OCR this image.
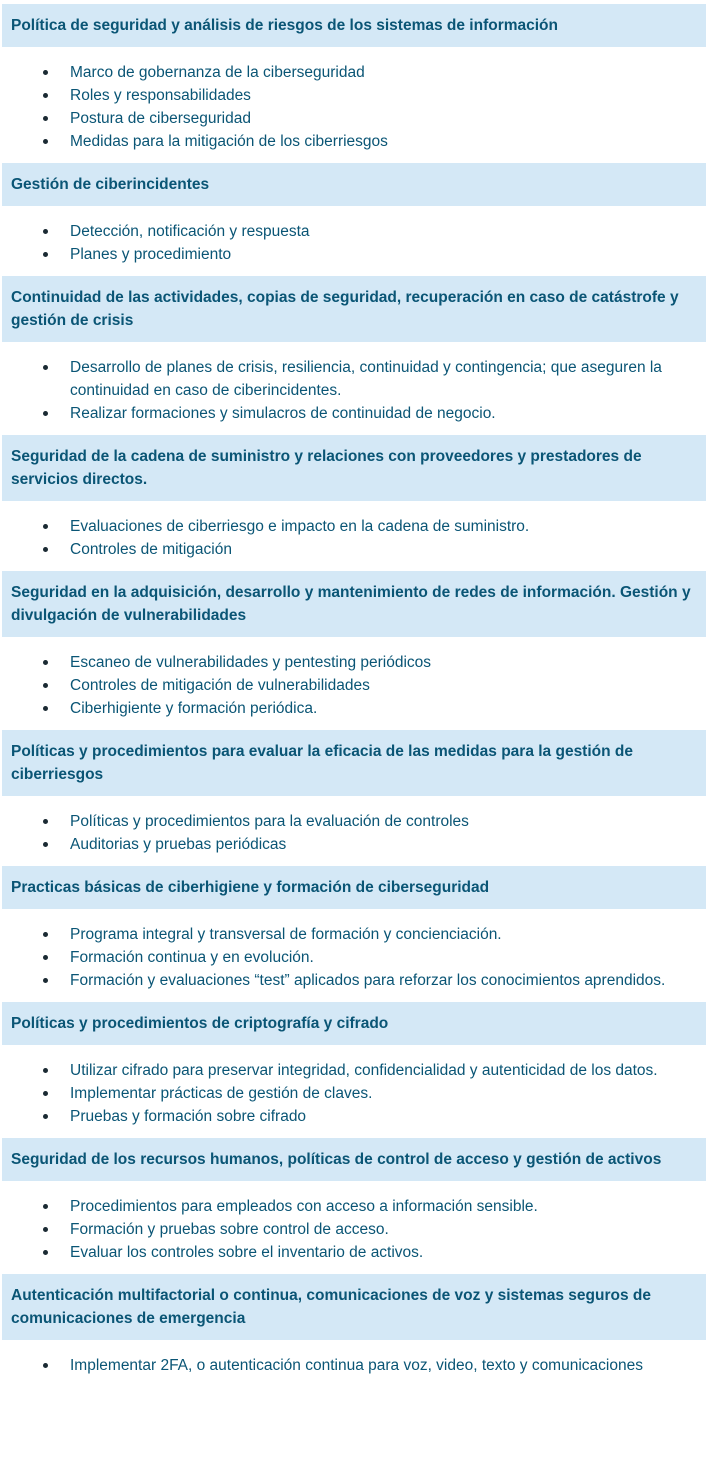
Política de seguridad y análisis de riesgos de los sistemas de información
Marco de gobernanza de la ciberseguridad
Roles y responsabilidades
Postura de ciberseguridad
Medidas para la mitigación de los ciberriesgos
Gestión de ciberincidentes
Detección, notificación y respuesta
Planes y procedimiento
Continuidad de las actividades, copias de seguridad, recuperación en caso de catástrofe y gestión de crisis
Desarrollo de planes de crisis, resiliencia, continuidad y contingencia; que aseguren la continuidad en caso de ciberincidentes.
Realizar formaciones y simulacros de continuidad de negocio.
Seguridad de la cadena de suministro y relaciones con proveedores y prestadores de servicios directos.
Evaluaciones de ciberriesgo e impacto en la cadena de suministro.
Controles de mitigación
Seguridad en la adquisición, desarrollo y mantenimiento de redes de información. Gestión y divulgación de vulnerabilidades
Escaneo de vulnerabilidades y pentesting periódicos
Controles de mitigación de vulnerabilidades
Ciberhigiente y formación periódica.
Políticas y procedimientos para evaluar la eficacia de las medidas para la gestión de ciberriesgos
Políticas y procedimientos para la evaluación de controles
Auditorias y pruebas periódicas
Practicas básicas de ciberhigiene y formación de ciberseguridad
Programa integral y transversal de formación y concienciación.
Formación continua y en evolución.
Formación y evaluaciones “test” aplicados para reforzar los conocimientos aprendidos.
Políticas y procedimientos de criptografía y cifrado
Utilizar cifrado para preservar integridad, confidencialidad y autenticidad de los datos.
Implementar prácticas de gestión de claves.
Pruebas y formación sobre cifrado
Seguridad de los recursos humanos, políticas de control de acceso y gestión de activos
Procedimientos para empleados con acceso a información sensible.
Formación y pruebas sobre control de acceso.
Evaluar los controles sobre el inventario de activos.
Autenticación multifactorial o continua, comunicaciones de voz y sistemas seguros de comunicaciones de emergencia
Implementar 2FA, o autenticación continua para voz, video, texto y comunicaciones
